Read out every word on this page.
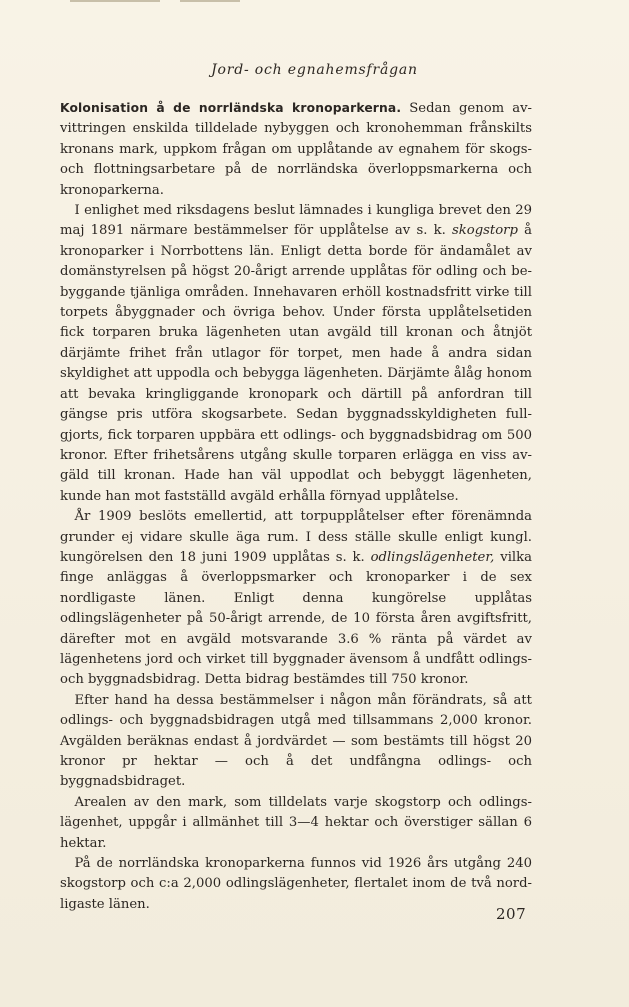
Jord- och egnahemsfrågan

Kolonisation å de norrländska kronoparkerna. Sedan genom avvittringen enskilda tilldelade nybyggen och kronohemman frånskilts kronans mark, uppkom frågan om upplåtande av egnahem för skogs- och flottningsarbetare på de norrländska överloppsmarkerna och kronoparkerna.

I enlighet med riksdagens beslut lämnades i kungliga brevet den 29 maj 1891 närmare bestämmelser för upplåtelse av s. k. skogstorp å kronoparker i Norrbottens län. Enligt detta borde för ändamålet av domänstyrelsen på högst 20-årigt arrende upplåtas för odling och bebyggande tjänliga områden. Innehavaren erhöll kostnadsfritt virke till torpets åbyggnader och övriga behov. Under första upplåtelsetiden fick torparen bruka lägenheten utan avgäld till kronan och åtnjöt därjämte frihet från utlagor för torpet, men hade å andra sidan skyldighet att uppodla och bebygga lägenheten. Därjämte ålåg honom att bevaka kringliggande kronopark och därtill på anfordran till gängse pris utföra skogsarbete. Sedan byggnadsskyldigheten fullgjorts, fick torparen uppbära ett odlings- och byggnadsbidrag om 500 kronor. Efter frihetsårens utgång skulle torparen erlägga en viss avgäld till kronan. Hade han väl uppodlat och bebyggt lägenheten, kunde han mot fastställd avgäld erhålla förnyad upplåtelse.

År 1909 beslöts emellertid, att torpupplåtelser efter förenämnda grunder ej vidare skulle äga rum. I dess ställe skulle enligt kungl. kungörelsen den 18 juni 1909 upplåtas s. k. odlingslägenheter, vilka finge anläggas å överloppsmarker och kronoparker i de sex nordligaste länen. Enligt denna kungörelse upplåtas odlingslägenheter på 50-årigt arrende, de 10 första åren avgiftsfritt, därefter mot en avgäld motsvarande 3.6 % ränta på värdet av lägenhetens jord och virket till byggnader ävensom å undfått odlings- och byggnadsbidrag. Detta bidrag bestämdes till 750 kronor.

Efter hand ha dessa bestämmelser i någon mån förändrats, så att odlings- och byggnadsbidragen utgå med tillsammans 2,000 kronor. Avgälden beräknas endast å jordvärdet — som bestämts till högst 20 kronor pr hektar — och å det undfångna odlings- och byggnadsbidraget.

Arealen av den mark, som tilldelats varje skogstorp och odlingslägenhet, uppgår i allmänhet till 3—4 hektar och överstiger sällan 6 hektar.

På de norrländska kronoparkerna funnos vid 1926 års utgång 240 skogstorp och c:a 2,000 odlingslägenheter, flertalet inom de två nordligaste länen.

207
